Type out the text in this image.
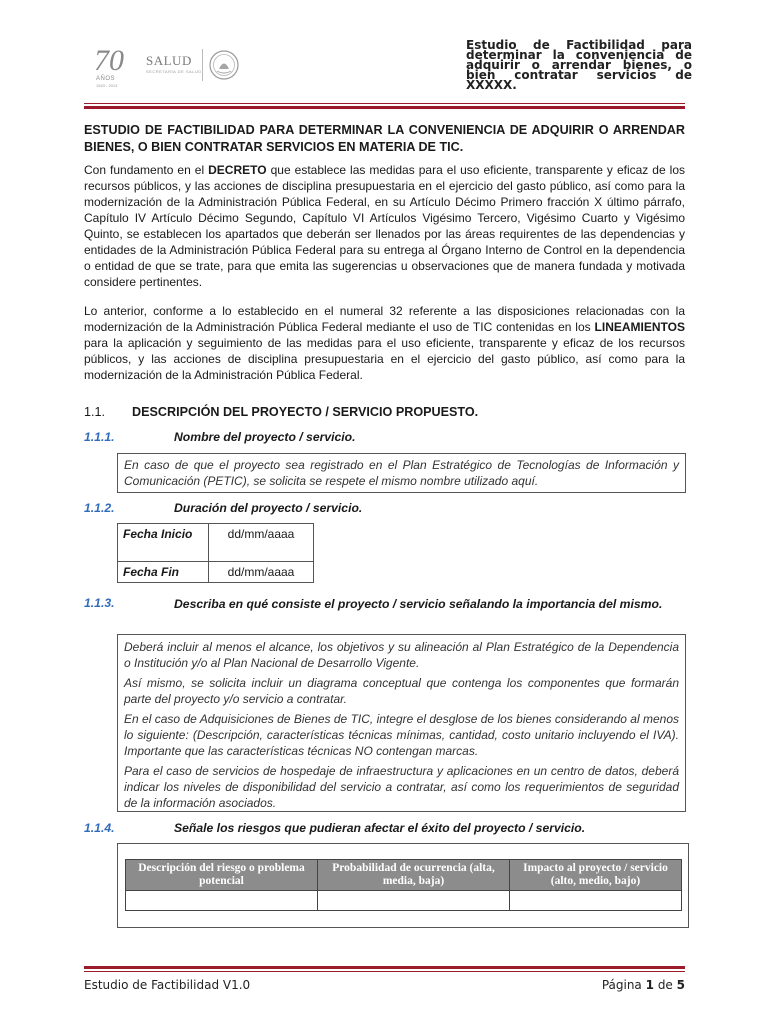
70
AÑOS
1943 - 2013
SALUD
SECRETARÍA DE SALUD
Estudio de Factibilidad para determinar la conveniencia de adquirir o arrendar bienes, o bien contratar servicios de XXXXX.
ESTUDIO DE FACTIBILIDAD PARA DETERMINAR LA CONVENIENCIA DE ADQUIRIR O ARRENDAR BIENES, O BIEN CONTRATAR SERVICIOS EN MATERIA DE TIC.
Con fundamento en el DECRETO que establece las medidas para el uso eficiente, transparente y eficaz de los recursos públicos, y las acciones de disciplina presupuestaria en el ejercicio del gasto público, así como para la modernización de la Administración Pública Federal, en su Artículo Décimo Primero fracción X último párrafo, Capítulo IV Artículo Décimo Segundo, Capítulo VI Artículos Vigésimo Tercero, Vigésimo Cuarto y Vigésimo Quinto, se establecen los apartados que deberán ser llenados por las áreas requirentes de las dependencias y entidades de la Administración Pública Federal para su entrega al Órgano Interno de Control en la dependencia o entidad de que se trate, para que emita las sugerencias u observaciones que de manera fundada y motivada considere pertinentes.
Lo anterior, conforme a lo establecido en el numeral 32 referente a las disposiciones relacionadas con la modernización de la Administración Pública Federal mediante el uso de TIC contenidas en los LINEAMIENTOS para la aplicación y seguimiento de las medidas para el uso eficiente, transparente y eficaz de los recursos públicos, y las acciones de disciplina presupuestaria en el ejercicio del gasto público, así como para la modernización de la Administración Pública Federal.
1.1. DESCRIPCIÓN DEL PROYECTO / SERVICIO PROPUESTO.
1.1.1.	Nombre del proyecto / servicio.
En caso de que el proyecto sea registrado en el Plan Estratégico de Tecnologías de Información y Comunicación (PETIC), se solicita se respete el mismo nombre utilizado aquí.
1.1.2.	Duración del proyecto / servicio.
Fecha Inicio	dd/mm/aaaa
Fecha Fin	dd/mm/aaaa
1.1.3.	Describa en qué consiste el proyecto / servicio señalando la importancia del mismo.

Deberá incluir al menos el alcance, los objetivos y su alineación al Plan Estratégico de la Dependencia o Institución y/o al Plan Nacional de Desarrollo Vigente.

Así mismo, se solicita incluir un diagrama conceptual que contenga los componentes que formarán parte del proyecto y/o servicio a contratar.

En el caso de Adquisiciones de Bienes de TIC, integre el desglose de los bienes considerando al menos lo siguiente: (Descripción, características técnicas mínimas, cantidad, costo unitario incluyendo el IVA). Importante que las características técnicas NO contengan marcas.

Para el caso de servicios de hospedaje de infraestructura y aplicaciones en un centro de datos, deberá indicar los niveles de disponibilidad del servicio a contratar, así como los requerimientos de seguridad de la información asociados.

1.1.4.	Señale los riesgos que pudieran afectar el éxito del proyecto / servicio.
Descripción del riesgo o problema potencial	Probabilidad de ocurrencia (alta, media, baja)	Impacto al proyecto / servicio (alto, medio, bajo)

Estudio de Factibilidad V1.0	Página 1 de 5
